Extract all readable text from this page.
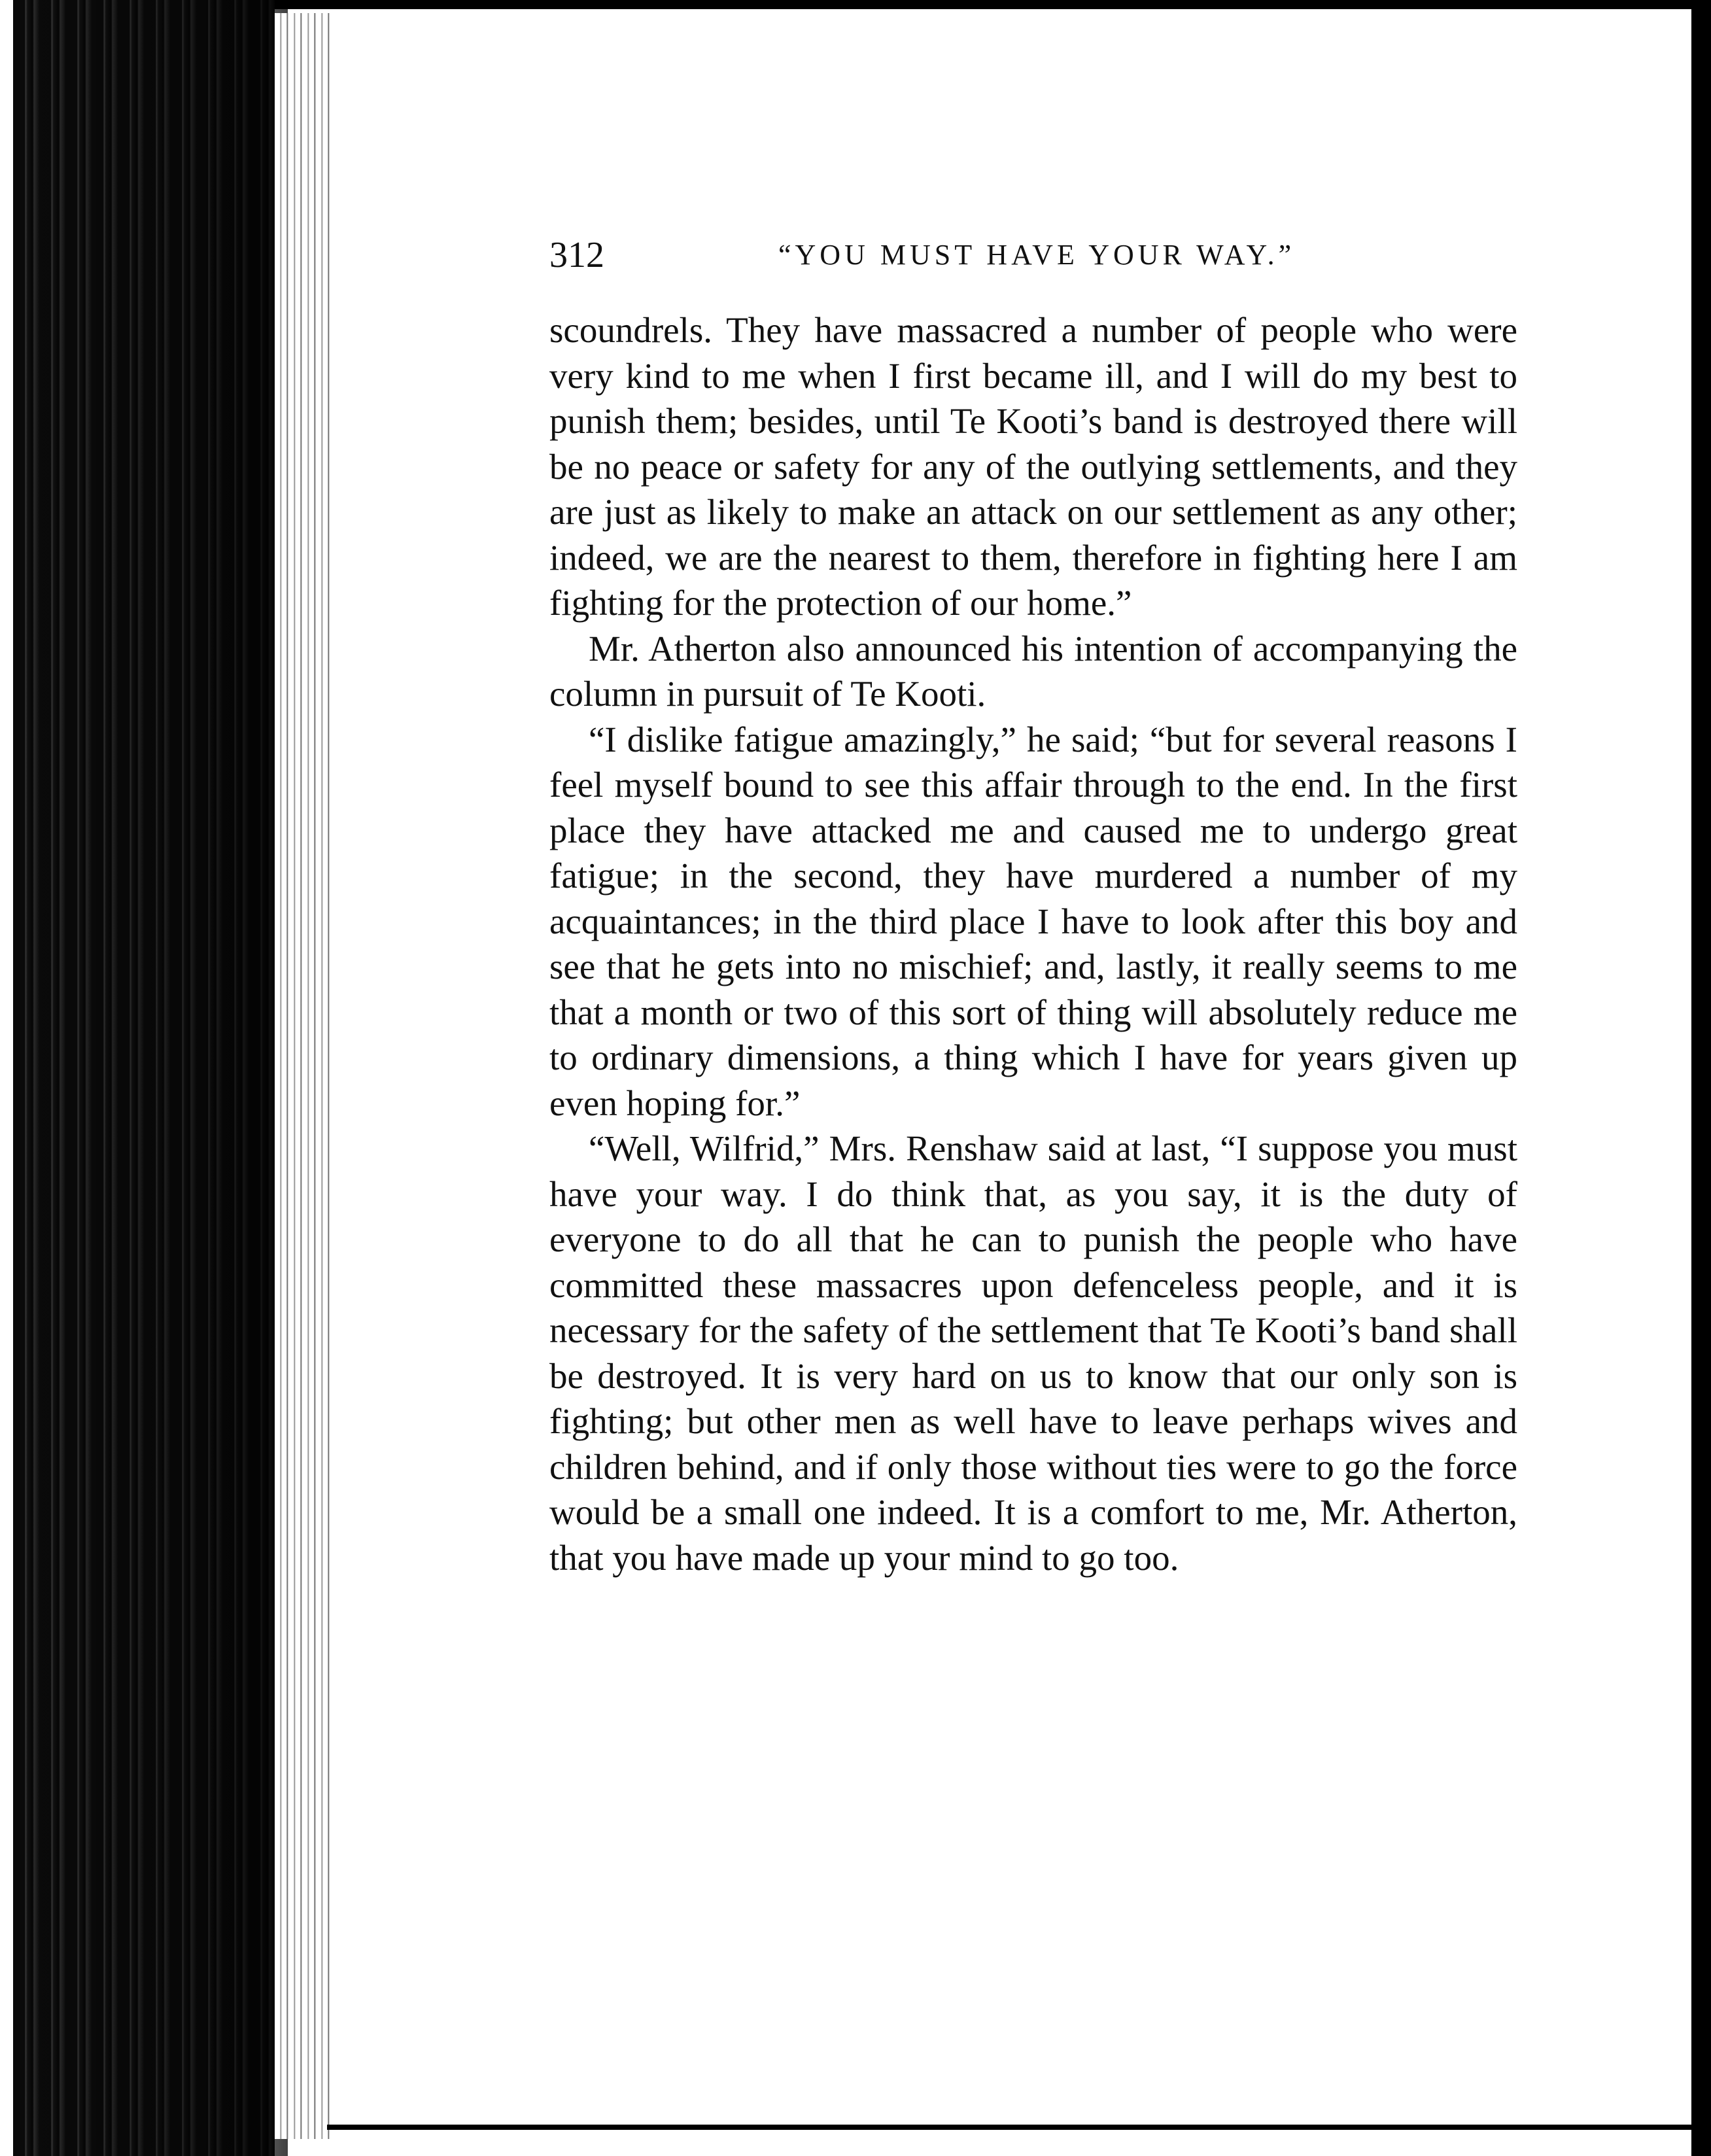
312	“YOU MUST HAVE YOUR WAY.”

scoundrels. They have massacred a number of people who were very kind to me when I first became ill, and I will do my best to punish them; besides, until Te Kooti’s band is destroyed there will be no peace or safety for any of the outlying settlements, and they are just as likely to make an attack on our settlement as any other; indeed, we are the nearest to them, therefore in fighting here I am fighting for the protection of our home.”

Mr. Atherton also announced his intention of accompanying the column in pursuit of Te Kooti.

“I dislike fatigue amazingly,” he said; “but for several reasons I feel myself bound to see this affair through to the end. In the first place they have attacked me and caused me to undergo great fatigue; in the second, they have murdered a number of my acquaintances; in the third place I have to look after this boy and see that he gets into no mischief; and, lastly, it really seems to me that a month or two of this sort of thing will absolutely reduce me to ordinary dimensions, a thing which I have for years given up even hoping for.”

“Well, Wilfrid,” Mrs. Renshaw said at last, “I suppose you must have your way. I do think that, as you say, it is the duty of everyone to do all that he can to punish the people who have committed these massacres upon defenceless people, and it is necessary for the safety of the settlement that Te Kooti’s band shall be destroyed. It is very hard on us to know that our only son is fighting; but other men as well have to leave perhaps wives and children behind, and if only those without ties were to go the force would be a small one indeed. It is a comfort to me, Mr. Atherton, that you have made up your mind to go too.
